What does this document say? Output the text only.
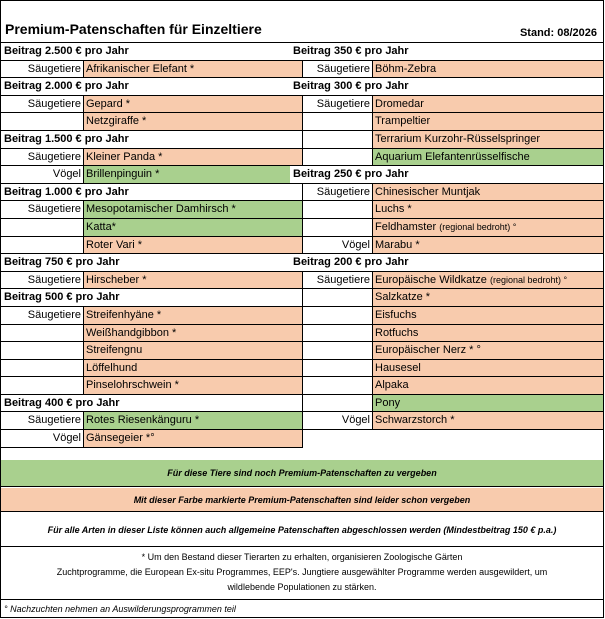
Premium-Patenschaften für Einzeltiere	Stand: 08/2026
Beitrag 2.500 € pro Jahr
Säugetiere Afrikanischer Elefant *
Beitrag 2.000 € pro Jahr
Säugetiere Gepard *
Netzgiraffe *
Beitrag 1.500 € pro Jahr
Säugetiere Kleiner Panda *
Vögel Brillenpinguin *
Beitrag 1.000 € pro Jahr
Säugetiere Mesopotamischer Damhirsch *
Katta*
Roter Vari *
Beitrag 750 € pro Jahr
Säugetiere Hirscheber *
Beitrag 500 € pro Jahr
Säugetiere Streifenhyäne *
Weißhandgibbon *
Streifengnu
Löffelhund
Pinselohrschwein *
Beitrag 400 € pro Jahr
Säugetiere Rotes Riesenkänguru *
Vögel Gänsegeier *°
Beitrag 350 € pro Jahr
Säugetiere Böhm-Zebra
Beitrag 300 € pro Jahr
Säugetiere Dromedar
Trampeltier
Terrarium Kurzohr-Rüsselspringer
Aquarium Elefantenrüsselfische
Beitrag 250 € pro Jahr
Säugetiere Chinesischer Muntjak
Luchs *
Feldhamster (regional bedroht) °
Vögel Marabu *
Beitrag 200 € pro Jahr
Säugetiere Europäische Wildkatze (regional bedroht) °
Salzkatze *
Eisfuchs
Rotfuchs
Europäischer Nerz * °
Hausesel
Alpaka
Pony
Vögel Schwarzstorch *
Für diese Tiere sind noch Premium-Patenschaften zu vergeben
Mit dieser Farbe markierte Premium-Patenschaften sind leider schon vergeben
Für alle Arten in dieser Liste können auch allgemeine Patenschaften abgeschlossen werden (Mindestbeitrag 150 € p.a.)
* Um den Bestand dieser Tierarten zu erhalten, organisieren Zoologische Gärten
Zuchtprogramme, die European Ex-situ Programmes, EEP's. Jungtiere ausgewählter Programme werden ausgewildert, um
wildlebende Populationen zu stärken.
° Nachzuchten nehmen an Auswilderungsprogrammen teil
